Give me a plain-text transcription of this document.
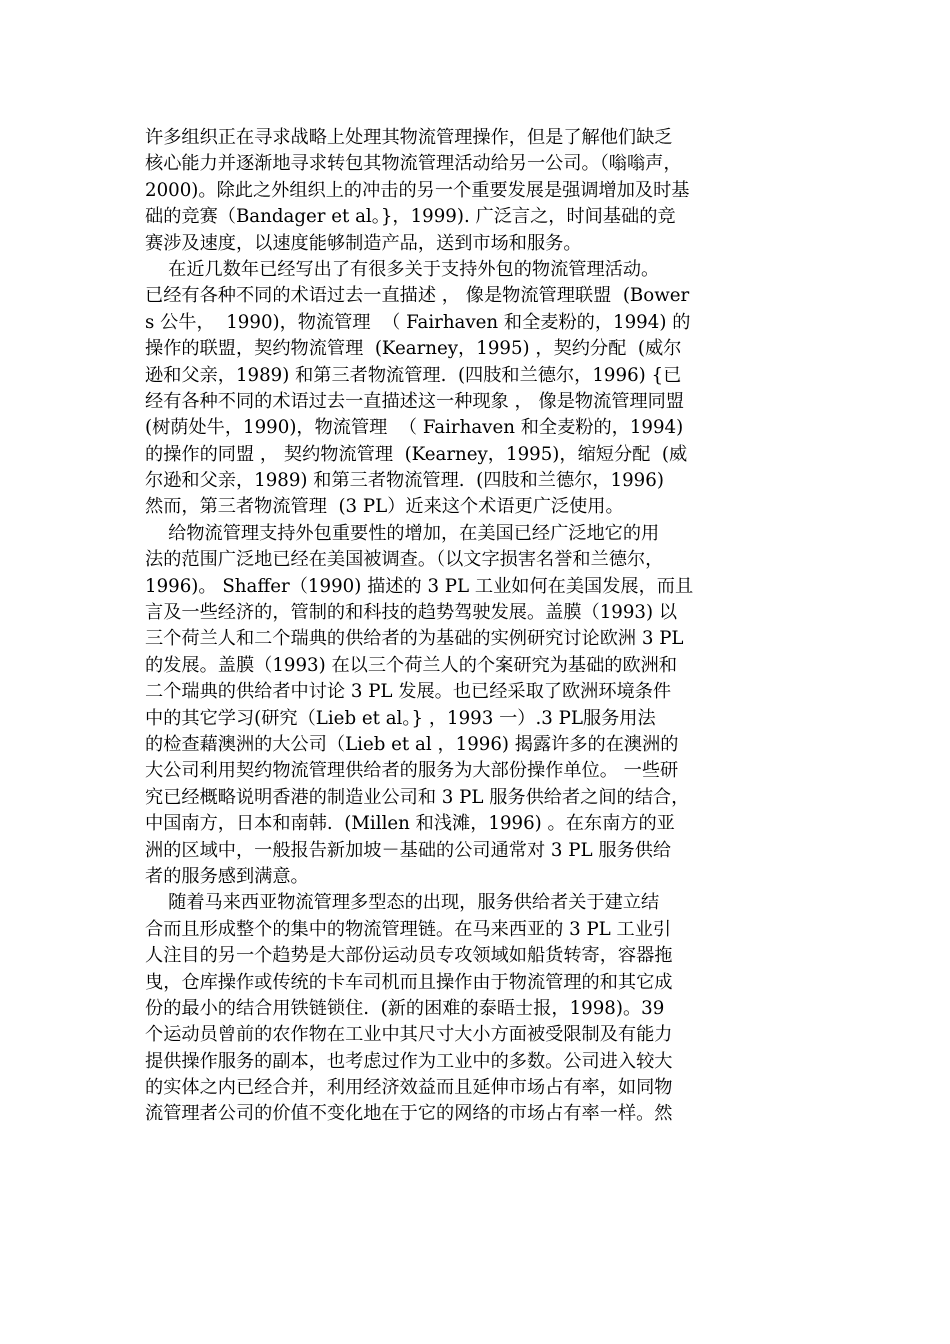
许多组织正在寻求战略上处理其物流管理操作，但是了解他们缺乏
核心能力并逐渐地寻求转包其物流管理活动给另一公司。（嗡嗡声，
2000)。除此之外组织上的冲击的另一个重要发展是强调增加及时基
础的竞赛（Bandager et al。}，1999). 广泛言之，时间基础的竞
赛涉及速度，以速度能够制造产品，送到市场和服务。
在近几数年已经写出了有很多关于支持外包的物流管理活动。
已经有各种不同的术语过去一直描述 ， 像是物流管理联盟  (Bower
s 公牛，  1990)，物流管理  （ Fairhaven 和全麦粉的，1994) 的
操作的联盟，契约物流管理  (Kearney，1995) ，契约分配  (威尔
逊和父亲，1989) 和第三者物流管理.  (四肢和兰德尔，1996) {已
经有各种不同的术语过去一直描述这一种现象 ， 像是物流管理同盟
(树荫处牛，1990)，物流管理  （ Fairhaven 和全麦粉的，1994)
的操作的同盟 ， 契约物流管理  (Kearney，1995)，缩短分配  (威
尔逊和父亲，1989) 和第三者物流管理.  (四肢和兰德尔，1996)
然而，第三者物流管理  (3 PL）近来这个术语更广泛使用。
给物流管理支持外包重要性的增加，在美国已经广泛地它的用
法的范围广泛地已经在美国被调查。（以文字损害名誉和兰德尔，
1996)。 Shaffer（1990) 描述的 3 PL 工业如何在美国发展，而且
言及一些经济的，管制的和科技的趋势驾驶发展。盖膜（1993) 以
三个荷兰人和二个瑞典的供给者的为基础的实例研究讨论欧洲 3 PL
的发展。盖膜（1993) 在以三个荷兰人的个案研究为基础的欧洲和
二个瑞典的供给者中讨论 3 PL 发展。也已经采取了欧洲环境条件
中的其它学习(研究（Lieb et al。} ，1993 一）.3 PL服务用法
的检查藉澳洲的大公司（Lieb et al ，1996) 揭露许多的在澳洲的
大公司利用契约物流管理供给者的服务为大部份操作单位。 一些研
究已经概略说明香港的制造业公司和 3 PL 服务供给者之间的结合，
中国南方，日本和南韩.  (Millen 和浅滩，1996) 。在东南方的亚
洲的区域中，一般报告新加坡－基础的公司通常对 3 PL 服务供给
者的服务感到满意。
随着马来西亚物流管理多型态的出现，服务供给者关于建立结
合而且形成整个的集中的物流管理链。在马来西亚的 3 PL 工业引
人注目的另一个趋势是大部份运动员专攻领域如船货转寄，容器拖
曳，仓库操作或传统的卡车司机而且操作由于物流管理的和其它成
份的最小的结合用铁链锁住.  (新的困难的泰晤士报，1998)。39
个运动员曾前的农作物在工业中其尺寸大小方面被受限制及有能力
提供操作服务的副本，也考虑过作为工业中的多数。公司进入较大
的实体之内已经合并，利用经济效益而且延伸市场占有率，如同物
流管理者公司的价值不变化地在于它的网络的市场占有率一样。然
